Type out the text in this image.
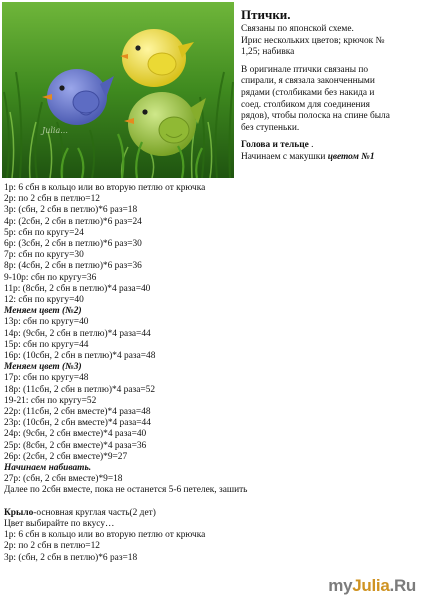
Julia...
Птички.

Связаны по японской схеме.
Ирис нескольких цветов; крючок №
1,25; набивка

В оригинале птички связаны по
спирали, я связала законченными
рядами (столбиками без накида и
соед. столбиком для соединения
рядов), чтобы полоска на спине была
без ступеньки.

Голова и тельце .
Начинаем с макушки цветом №1

1р: 6 сбн в кольцо или во вторую петлю от крючка
2р: по 2 сбн в петлю=12
3р: (сбн, 2 сбн в петлю)*6 раз=18
4р: (2сбн, 2 сбн в петлю)*6 раз=24
5р: сбн по кругу=24
6р: (3сбн, 2 сбн в петлю)*6 раз=30
7р: сбн по кругу=30
8р: (4сбн, 2 сбн в петлю)*6 раз=36
9-10р: сбн по кругу=36
11р: (8сбн, 2 сбн в петлю)*4 раза=40
12: сбн по кругу=40
Меняем цвет (№2)
13р: сбн по кругу=40
14р: (9сбн, 2 сбн в петлю)*4 раза=44
15р: сбн по кругу=44
16р: (10сбн, 2 сбн в петлю)*4 раза=48
Меняем цвет (№3)
17р: сбн по кругу=48
18р: (11сбн, 2 сбн в петлю)*4 раза=52
19-21: сбн по кругу=52
22р: (11сбн, 2 сбн вместе)*4 раза=48
23р: (10сбн, 2 сбн вместе)*4 раза=44
24р: (9сбн, 2 сбн вместе)*4 раза=40
25р: (8сбн, 2 сбн вместе)*4 раза=36
26р: (2сбн, 2 сбн вместе)*9=27
Начинаем набивать.
27р: (сбн, 2 сбн вместе)*9=18
Далее по 2сбн вместе, пока не останется 5-6 петелек, зашить
Крыло-основная круглая часть(2 дет)
Цвет выбирайте по вкусу…
1р: 6 сбн в кольцо или во вторую петлю от крючка
2р: по 2 сбн в петлю=12
3р: (сбн, 2 сбн в петлю)*6 раз=18
myJulia.Ru
